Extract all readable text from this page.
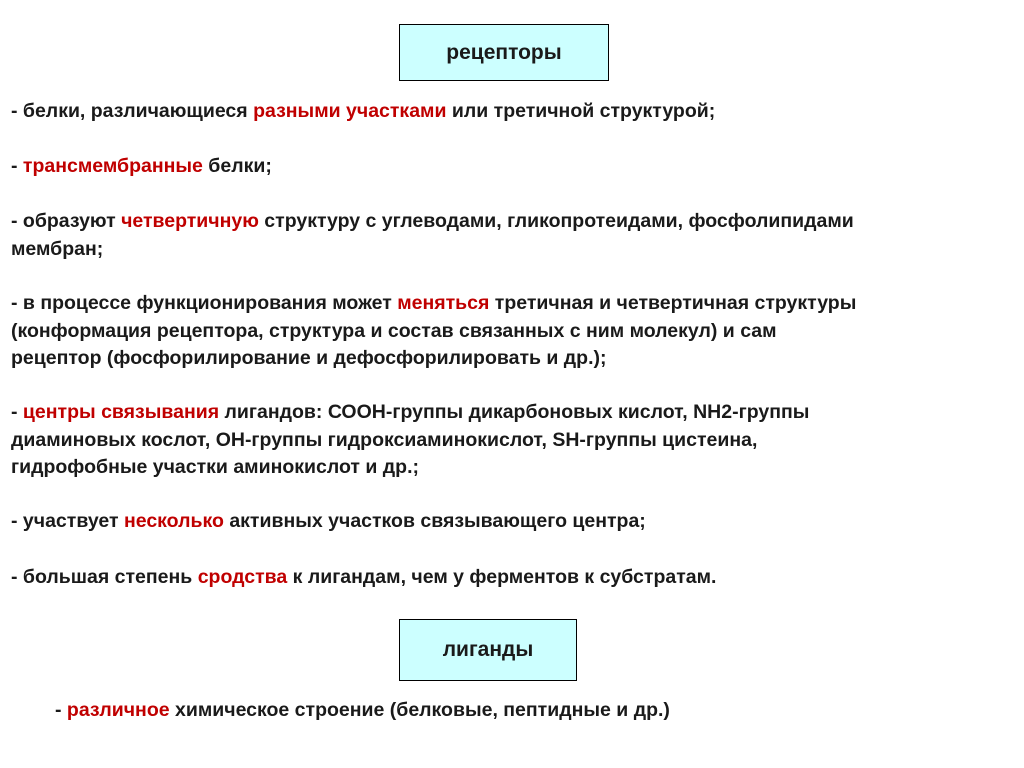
рецепторы
- белки, различающиеся разными участками или третичной структурой;
- трансмембранные белки;
- образуют четвертичную структуру с углеводами, гликопротеидами, фосфолипидами
мембран;
- в процессе функционирования может меняться третичная и четвертичная структуры
(конформация рецептора, структура и состав связанных с ним молекул) и сам
рецептор (фосфорилирование и дефосфорилировать и др.);
- центры связывания лигандов: СООН-группы дикарбоновых кислот, NH2-группы
диаминовых кослот, ОН-группы гидроксиаминокислот, SH-группы цистеина,
гидрофобные участки аминокислот и др.;
- участвует несколько активных участков связывающего центра;
- большая степень сродства к лигандам, чем у ферментов к субстратам.
лиганды
- различное химическое строение (белковые, пептидные и др.)
